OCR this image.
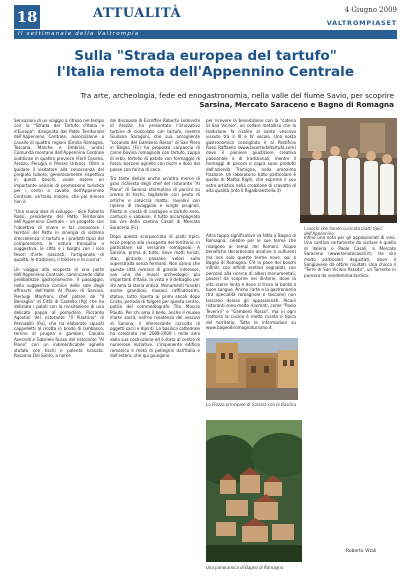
18	ATTUALITÀ	4 Giugno 2009
VALTROMPIASET
Il settimanale della Valtrompia
Sulla "Strada europea del tartufo"
l'Italia remota dell'Appennino Centrale
Tra arte, archeologia, fede ed enogastronomia, nella valle del fiume Savio, per scoprire
Sarsina, Mercato Saraceno e Bagno di Romagna

Sensazioni di un viaggio a ritroso nel tempo con la "Strada del Tartufo d'Italia e d'Europa", disegnata dal Patto Territoriale dell'Appennino Centrale, associazione a cavallo di quattro regioni (Emilia Romagna, Toscana, Marche e Umbria), undici Comunità montane dell'Appennino Centrale suddivise in quattro province (Forlì Cesena, Arezzo, Perugia e Pesaro Urbino). Oltre a guidare il visitatore alla conoscenza del pregiato tubero, generosamente rispettiva in questi boschi, vuole essere un importante veicolo di promozione turistica per i centri a cavallo dell'Appennino Centrale, un'Italia minore, che poi minore non è.

"Una nuova idea di sviluppo – dice Roberto Rossi, presidente del Patto Territoriale dell'Appennino Centrale – un progetto con l'obiettivo di vivere e far conoscere i territori del Patto in sinergia di sistema d'eccellenza: il tartufo e i prodotti tipici del comprensorio, la natura tranquilla e suggestiva, le città e i borghi con i loro tesori d'arte nascosti, l'artigianato di qualità, le tradizioni, il folclore e la cucina".

Un viaggio alla scoperta di una parte dell'Appennino Centrale, cominciando dalle prelibatezze gastronomiche. Il passaggio, nella suggestiva cornice delle sale degli affreschi dell'Hotel Al Piano di Sarsina, Pierluigi Manfroni, chef patron de "Il Bersaglio" di Città di Castello (Pg) che ha deliziato i palati con la rivisitazione di una delicata pappa al pomodoro, Riccardo Agostini del ristorante "Il Piastrino" di Pennabilli (Pu), che ha elaborato squisiti cappelletti al ricotta in brodo di lambasco, terrine di prugna e gamberi, Claudio Averardi e Gabriele Russo del ristorante "Al Piano" con un indimenticabile agnello stufato con tischi e polenta brasata. Rosanna Del Santo, a nome

dei discepolo di Escoffier Roberto Ledovichi di Arezzo, ha presentato l'innovativo turbine di cioccolato con tartufo, mentre Giuliana Saragoni, che sua accogliente "Locanda del Gambero Rosso" di San Piero in Bagno (Fc) ha proposto carpaccio di carne bovina romagnola con tartufo, zuppa di erbe, tortello di patate con formaggio di fossa, bocconi agnello con tischi e dolci del paese con farina di cece.

Tra tante delizie anche un'altra merce di gran richiesta degli chef del ristorante "Al Piano" di Sarsina sformatino di porcini su crema di tischi, tagliatelle con pesto di ortiche e salsiccia matta, raviolini con ripieno di ravaggiolo e lunghi prugnoli, filetto in crosta di castagne e tartufo nero, cantucci e sabaioni, il tutto accompagnato dai vini della cantina Casali di Mercato Saraceno (Fc).

Dopo questa scorpacciata di piatti tipici, ecco proprio alla riscoperta del territorio, in particolare sul versante romagnolo. A Sarsina, prima di tutto, dove molti turisti, star, girando, passano veloci sulla superstrada senza fermarsi. Non sanno che questa città romana di grande interesse, con una dei musei archeologici più importanti d'Italia, la vista e il dettaglio per chi ama la storia antica. Monumenti funebri anche grandiosi, mosaici raffinatissimi, statue, tutto riporta ai primi secoli dopo Cristo, periodo di fulgore per questo centro, patria del commediografo Tito Maccio Plauto. Per chi ama il bello, anche il museo d'arte sacra, nell'ex residenza dei vescovi di Sarsina, il interessante raccolta di oggetti sacri e dipinti. La basilica cattedrale ha celebrato nel 2008-2009 i mille anni dalla sua costruzione ed è stata al centro di numerose iniziative. L'imponente edificio romanico è meta di pellegrini dall'Italia e dall'estero, che qui giungono

per ricevere la benedizione con la "catena di San Vicinio", un collare metallico che la tradizione fa risalire al santo vescovo vissuto tra il III e IV secolo. Una sosta gastronomica consigliata è al Pastificio Rossi Raffaello (www.lacortedeltartufo.com) dove il pioniere giustiziere creativa passionale e di tradizionali, mentre il formaggi di pecora e capra sono prodotti dall'azienda Tramigna, nella omonima frazione. Un laboratorio tutto particolare è quello di Mattia Righi, che esprime il suo estro artistico nella creazione di cravatte di alta qualità (info Il Rigalbraestella.it)

Altra tappa significativa va fatta a Bagno di Romagna, celebre per le sue terme che risalgono ai tempi dei Romani. Acque benefiche (bicarbonato alcaline e sulfuree) ma non solo queste terme nove. qui a Bagno di Romagna. C'è la pace dei boschi infiniti, con infiniti sentieri segnalati, con percorsi alla ricerca di alberi monumentali, passeri da scoprire nei dintorni, dove la vita scorre lenta e dove si trova la bontà a buon sangue. Anche l'arte e la gastronomia (tra specialità romagnole e toscane) non lasciano deluso gli appassionati. Alcuni ristoranti sono molto rinomati, come "Paolo Teverini" e "Gambero Rosso", ma in ogni trattoria la cucina è molto curata e tipica del territorio. Tutte le informazioni su www.bagnodiromagnaturismo.it.

Infine una nota per gli appassionati di vino. Una cantina certamente da visitare è quella di Valeria e Paolo Casali, a Mercato Saraceno (www.tenutacasali.it). Ha vini molto particolari degustati, dove il Sangiovese dà ottimi risultati. Una chicca il "Terre di San Vicinio Passito", un Torrente in purezza da vendemmia tardiva.

Roberto Vitali
I cuochi che hanno cucinato piatti tipici dell'Appennino
La Piazza principale di Sarsina con la Basilica
Una panoramica di Bagno di Romagna
